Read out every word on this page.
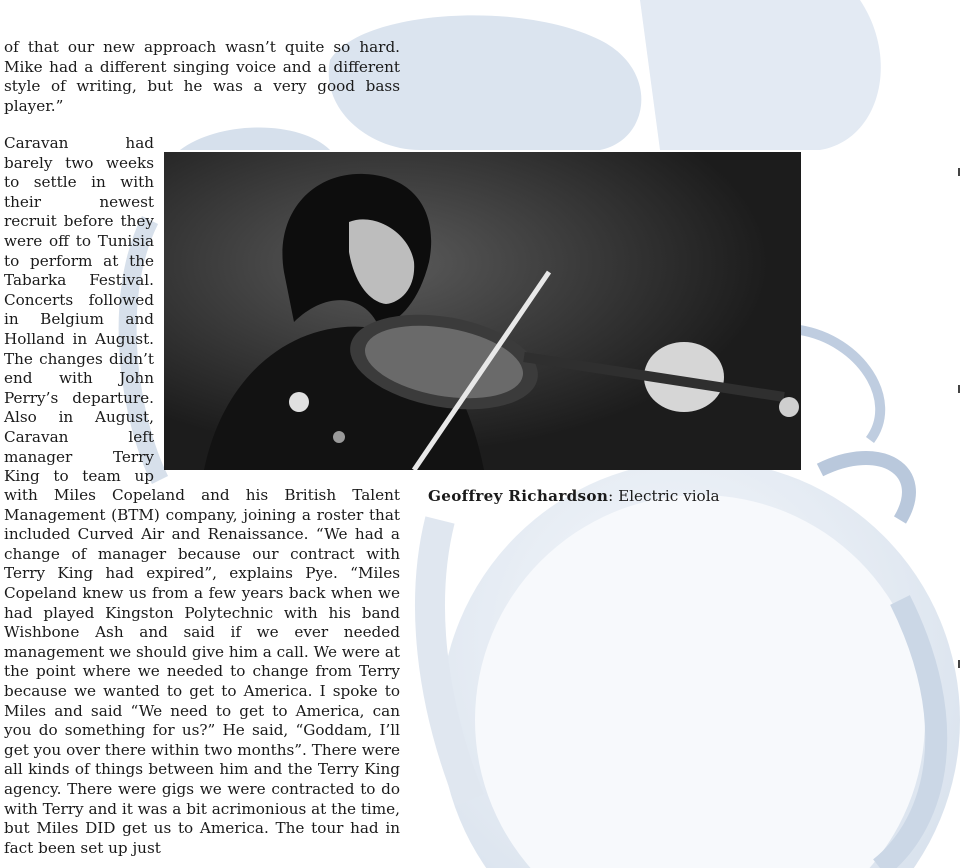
of that our new approach wasn’t quite so hard. Mike had a different singing voice and a different style of writing, but he was a very good bass player.”

Caravan had
barely two weeks
to settle in with
their newest
recruit before they
were off to Tunisia
to perform at the
Tabarka Festival.
Concerts followed
in Belgium and
Holland in August.
The changes didn’t
end with John
Perry’s departure.
Also in August,
Caravan left
manager Terry
King to team up
Geoffrey Richardson: Electric viola

with Miles Copeland and his British Talent Management (BTM) company, joining a roster that included Curved Air and Renaissance. “We had a change of manager because our contract with Terry King had expired”, explains Pye. “Miles Copeland knew us from a few years back when we had played Kingston Polytechnic with his band Wishbone Ash and said if we ever needed management we should give him a call. We were at the point where we needed to change from Terry because we wanted to get to America. I spoke to Miles and said “We need to get to America, can you do something for us?” He said, “Goddam, I’ll get you over there within two months”. There were all kinds of things between him and the Terry King agency. There were gigs we were contracted to do with Terry and it was a bit acrimonious at the time, but Miles DID get us to America. The tour had in fact been set up just
